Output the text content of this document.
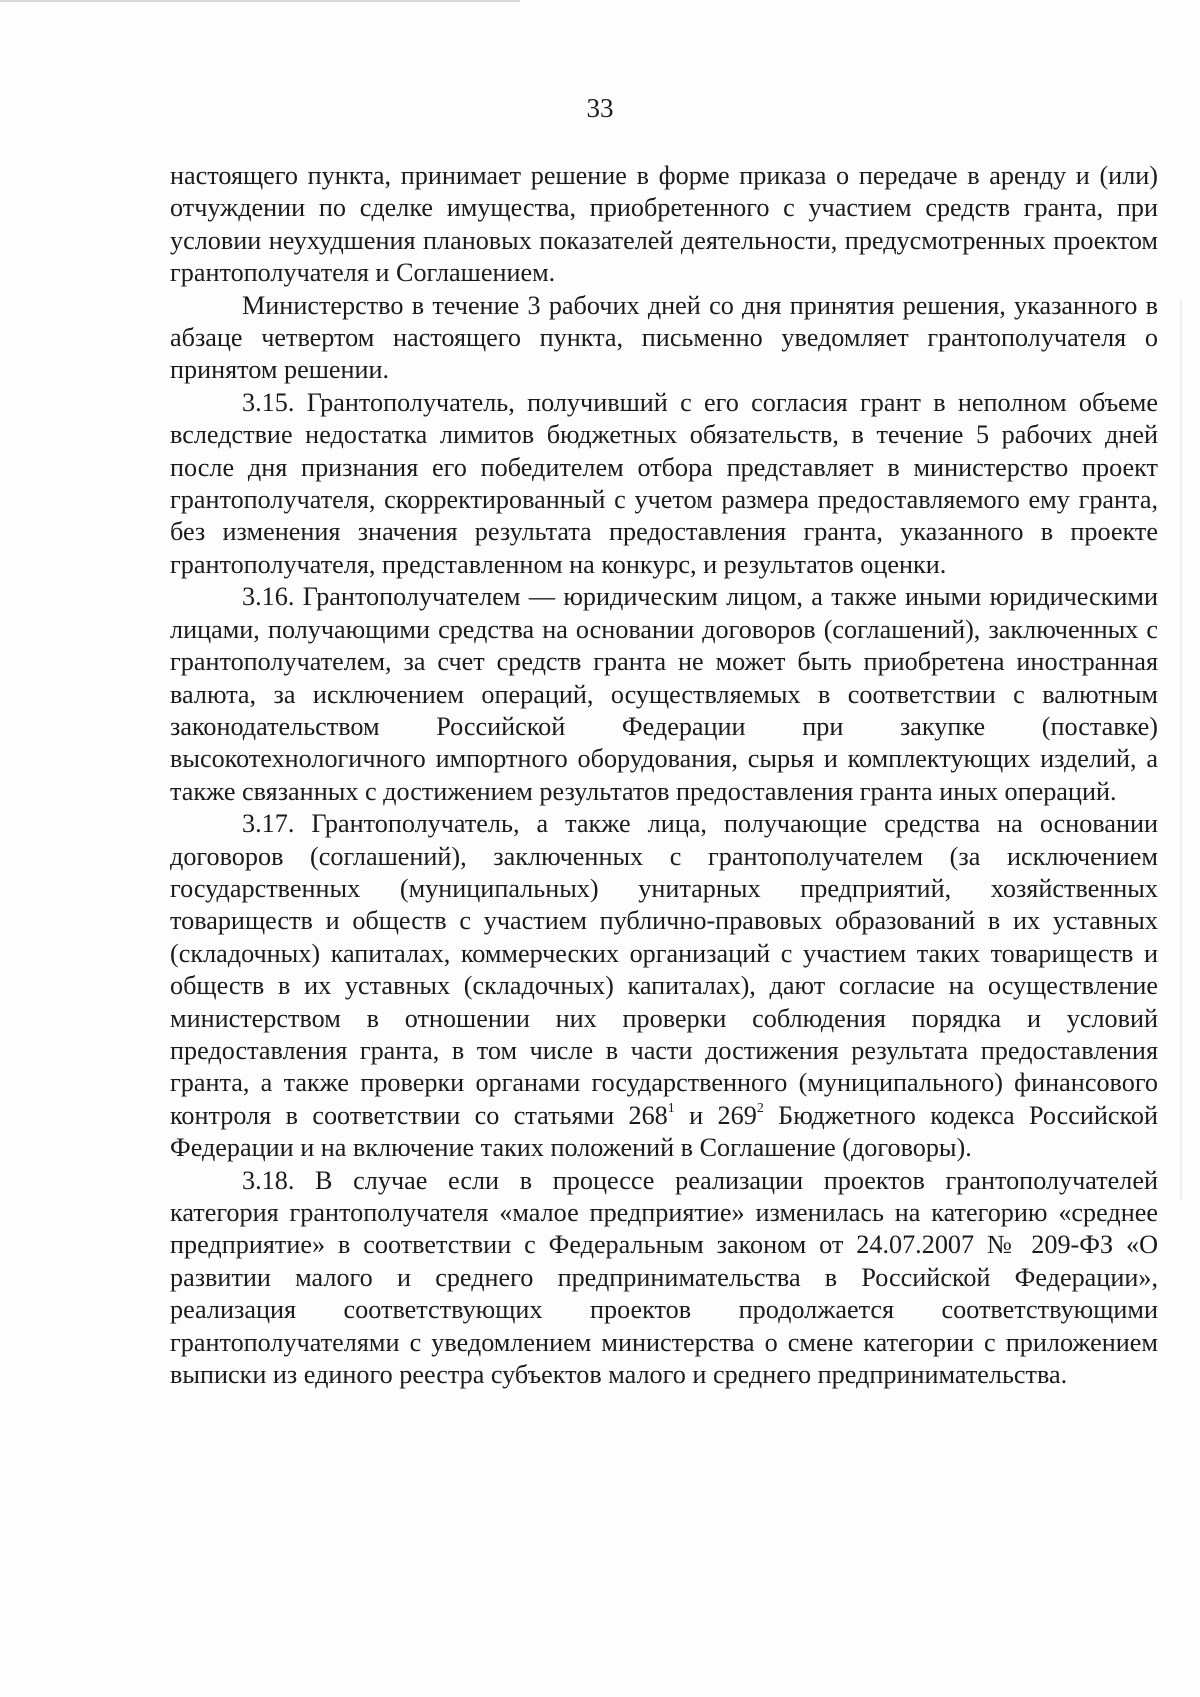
33

настоящего пункта, принимает решение в форме приказа о передаче в аренду и (или) отчуждении по сделке имущества, приобретенного с участием средств гранта, при условии неухудшения плановых показателей деятельности, предусмотренных проектом грантополучателя и Соглашением.

Министерство в течение 3 рабочих дней со дня принятия решения, указанного в абзаце четвертом настоящего пункта, письменно уведомляет грантополучателя о принятом решении.

3.15. Грантополучатель, получивший с его согласия грант в неполном объеме вследствие недостатка лимитов бюджетных обязательств, в течение 5 рабочих дней после дня признания его победителем отбора представляет в министерство проект грантополучателя, скорректированный с учетом размера предоставляемого ему гранта, без изменения значения результата предоставления гранта, указанного в проекте грантополучателя, представленном на конкурс, и результатов оценки.

3.16. Грантополучателем — юридическим лицом, а также иными юридическими лицами, получающими средства на основании договоров (соглашений), заключенных с грантополучателем, за счет средств гранта не может быть приобретена иностранная валюта, за исключением операций, осуществляемых в соответствии с валютным законодательством Российской Федерации при закупке (поставке) высокотехнологичного импортного оборудования, сырья и комплектующих изделий, а также связанных с достижением результатов предоставления гранта иных операций.

3.17. Грантополучатель, а также лица, получающие средства на основании договоров (соглашений), заключенных с грантополучателем (за исключением государственных (муниципальных) унитарных предприятий, хозяйственных товариществ и обществ с участием публично-правовых образований в их уставных (складочных) капиталах, коммерческих организаций с участием таких товариществ и обществ в их уставных (складочных) капиталах), дают согласие на осуществление министерством в отношении них проверки соблюдения порядка и условий предоставления гранта, в том числе в части достижения результата предоставления гранта, а также проверки органами государственного (муниципального) финансового контроля в соответствии со статьями $268^1$ и $269^2$ Бюджетного кодекса Российской Федерации и на включение таких положений в Соглашение (договоры).

3.18. В случае если в процессе реализации проектов грантополучателей категория грантополучателя «малое предприятие» изменилась на категорию «среднее предприятие» в соответствии с Федеральным законом от 24.07.2007 № 209-ФЗ «О развитии малого и среднего предпринимательства в Российской Федерации», реализация соответствующих проектов продолжается соответствующими грантополучателями с уведомлением министерства о смене категории с приложением выписки из единого реестра субъектов малого и среднего предпринимательства.
